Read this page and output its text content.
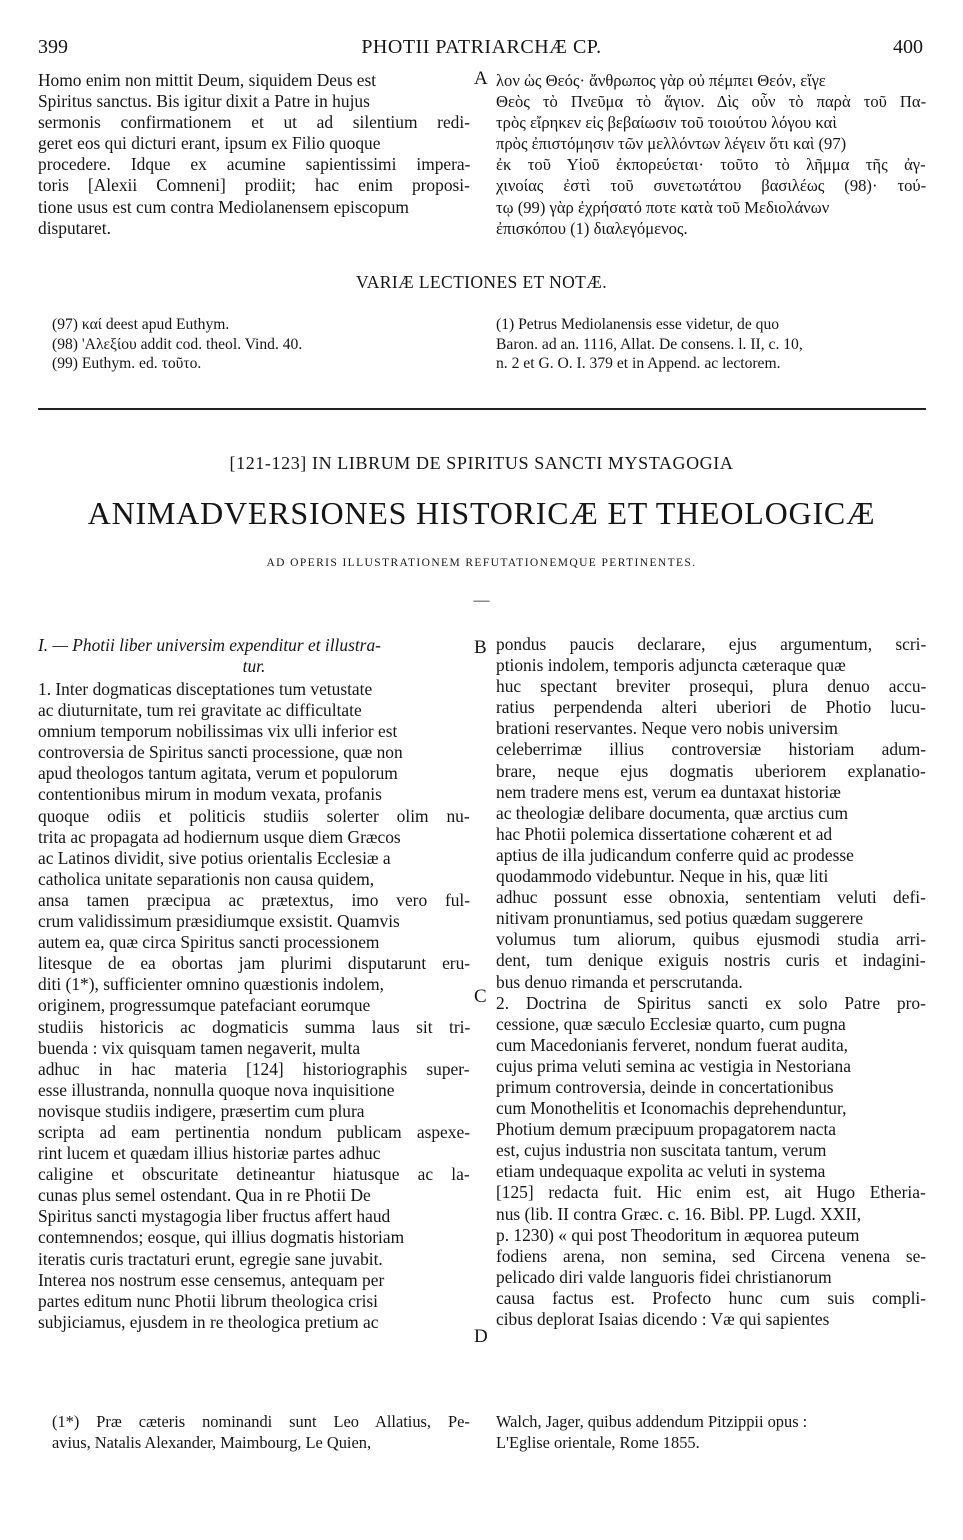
399	PHOTII PATRIARCHÆ CP.	400
Homo enim non mittit Deum, siquidem Deus est
Spiritus sanctus. Bis igitur dixit a Patre in hujus
sermonis confirmationem et ut ad silentium redi-
geret eos qui dicturi erant, ipsum ex Filio quoque
procedere. Idque ex acumine sapientissimi impera-
toris [Alexii Comneni] prodiit; hac enim proposi-
tione usus est cum contra Mediolanensem episcopum
disputaret.
A λον ὡς Θεός· ἄνθρωπος γὰρ οὐ πέμπει Θεόν, εἴγε
Θεὸς τὸ Πνεῦμα τὸ ἅγιον. Δὶς οὖν τὸ παρὰ τοῦ Πα-
τρὸς εἴρηκεν εἰς βεβαίωσιν τοῦ τοιούτου λόγου καὶ
πρὸς ἐπιστόμησιν τῶν μελλόντων λέγειν ὅτι καὶ (97)
ἐκ τοῦ Υἱοῦ ἐκπορεύεται· τοῦτο τὸ λῆμμα τῆς ἀγ-
χινοίας ἐστὶ τοῦ συνετωτάτου βασιλέως (98)· τού-
τῳ (99) γὰρ ἐχρήσατό ποτε κατὰ τοῦ Μεδιολάνων
ἐπισκόπου (1) διαλεγόμενος.
VARIÆ LECTIONES ET NOTÆ.
(97) καί deest apud Euthym.
(98) 'Αλεξίου addit cod. theol. Vind. 40.
(99) Euthym. ed. τοῦτο.
(1) Petrus Mediolanensis esse videtur, de quo
Baron. ad an. 1116, Allat. De consens. l. II, c. 10,
n. 2 et G. O. I. 379 et in Append. ac lectorem.
[121-123] IN LIBRUM DE SPIRITUS SANCTI MYSTAGOGIA
ANIMADVERSIONES HISTORICÆ ET THEOLOGICÆ
AD OPERIS ILLUSTRATIONEM REFUTATIONEMQUE PERTINENTES.
—
I. — Photii liber universim expenditur et illustra-
tur.
1. Inter dogmaticas disceptationes tum vetustate
ac diuturnitate, tum rei gravitate ac difficultate
omnium temporum nobilissimas vix ulli inferior est
controversia de Spiritus sancti processione, quæ non
apud theologos tantum agitata, verum et populorum
contentionibus mirum in modum vexata, profanis
quoque odiis et politicis studiis solerter olim nu-
trita ac propagata ad hodiernum usque diem Græcos
ac Latinos dividit, sive potius orientalis Ecclesiæ a
catholica unitate separationis non causa quidem,
ansa tamen præcipua ac prætextus, imo vero ful-
crum validissimum præsidiumque exsistit. Quamvis
autem ea, quæ circa Spiritus sancti processionem
litesque de ea obortas jam plurimi disputarunt eru-
diti (1*), sufficienter omnino quæstionis indolem,
originem, progressumque patefaciant eorumque
studiis historicis ac dogmaticis summa laus sit tri-
buenda : vix quisquam tamen negaverit, multa
adhuc in hac materia [124] historiographis super-
esse illustranda, nonnulla quoque nova inquisitione
novisque studiis indigere, præsertim cum plura
scripta ad eam pertinentia nondum publicam aspexe-
rint lucem et quædam illius historiæ partes adhuc
caligine et obscuritate detineantur hiatusque ac la-
cunas plus semel ostendant. Qua in re Photii De
Spiritus sancti mystagogia liber fructus affert haud
contemnendos; eosque, qui illius dogmatis historiam
iteratis curis tractaturi erunt, egregie sane juvabit.
Interea nos nostrum esse censemus, antequam per
partes editum nunc Photii librum theologica crisi
subjiciamus, ejusdem in re theologica pretium ac
B
C
D
pondus paucis declarare, ejus argumentum, scri-
ptionis indolem, temporis adjuncta cæteraque quæ
huc spectant breviter prosequi, plura denuo accu-
ratius perpendenda alteri uberiori de Photio lucu-
brationi reservantes. Neque vero nobis universim
celeberrimæ illius controversiæ historiam adum-
brare, neque ejus dogmatis uberiorem explanatio-
nem tradere mens est, verum ea duntaxat historiæ
ac theologiæ delibare documenta, quæ arctius cum
hac Photii polemica dissertatione cohærent et ad
aptius de illa judicandum conferre quid ac prodesse
quodammodo videbuntur. Neque in his, quæ liti
adhuc possunt esse obnoxia, sententiam veluti defi-
nitivam pronuntiamus, sed potius quædam suggerere
volumus tum aliorum, quibus ejusmodi studia arri-
dent, tum denique exiguis nostris curis et indagini-
bus denuo rimanda et perscrutanda.
2. Doctrina de Spiritus sancti ex solo Patre pro-
cessione, quæ sæculo Ecclesiæ quarto, cum pugna
cum Macedonianis ferveret, nondum fuerat audita,
cujus prima veluti semina ac vestigia in Nestoriana
primum controversia, deinde in concertationibus
cum Monothelitis et Iconomachis deprehenduntur,
Photium demum præcipuum propagatorem nacta
est, cujus industria non suscitata tantum, verum
etiam undequaque expolita ac veluti in systema
[125] redacta fuit. Hic enim est, ait Hugo Etheria-
nus (lib. II contra Græc. c. 16. Bibl. PP. Lugd. XXII,
p. 1230) « qui post Theodoritum in æquorea puteum
fodiens arena, non semina, sed Circena venena se-
pelicado diri valde languoris fidei christianorum
causa factus est. Profecto hunc cum suis compli-
cibus deplorat Isaias dicendo : Væ qui sapientes
(1*) Præ cæteris nominandi sunt Leo Allatius, Pe-
avius, Natalis Alexander, Maimbourg, Le Quien,
Walch, Jager, quibus addendum Pitzippii opus :
L'Eglise orientale, Rome 1855.
